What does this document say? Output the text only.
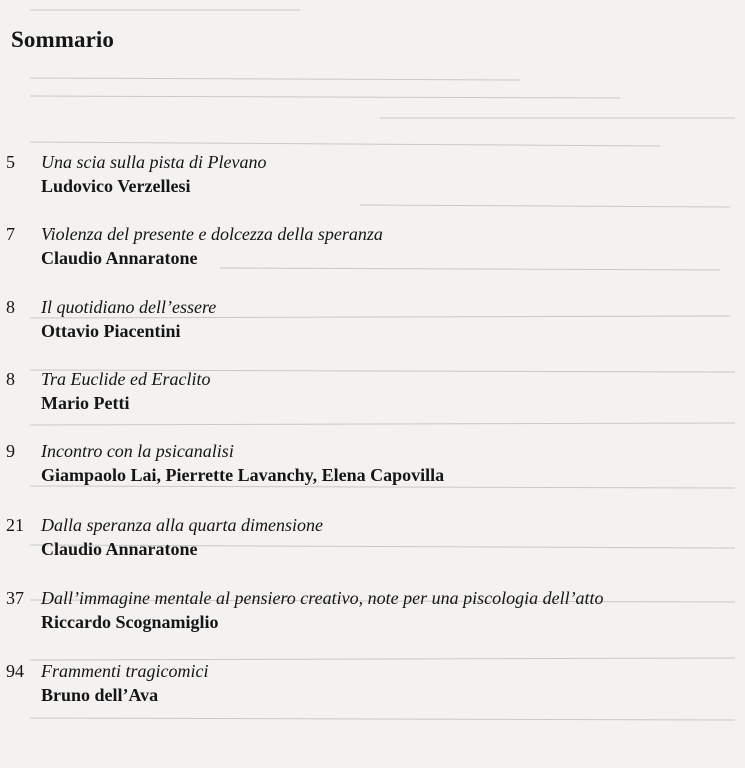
Sommario
5	Una scia sulla pista di Plevano
Ludovico Verzellesi
7	Violenza del presente e dolcezza della speranza
Claudio Annaratone
8	Il quotidiano dell’essere
Ottavio Piacentini
8	Tra Euclide ed Eraclito
Mario Petti
9	Incontro con la psicanalisi
Giampaolo Lai, Pierrette Lavanchy, Elena Capovilla
21 Dalla speranza alla quarta dimensione
Claudio Annaratone
37 Dall’immagine mentale al pensiero creativo, note per una piscologia dell’atto
Riccardo Scognamiglio
94 Frammenti tragicomici
Bruno dell’Ava
